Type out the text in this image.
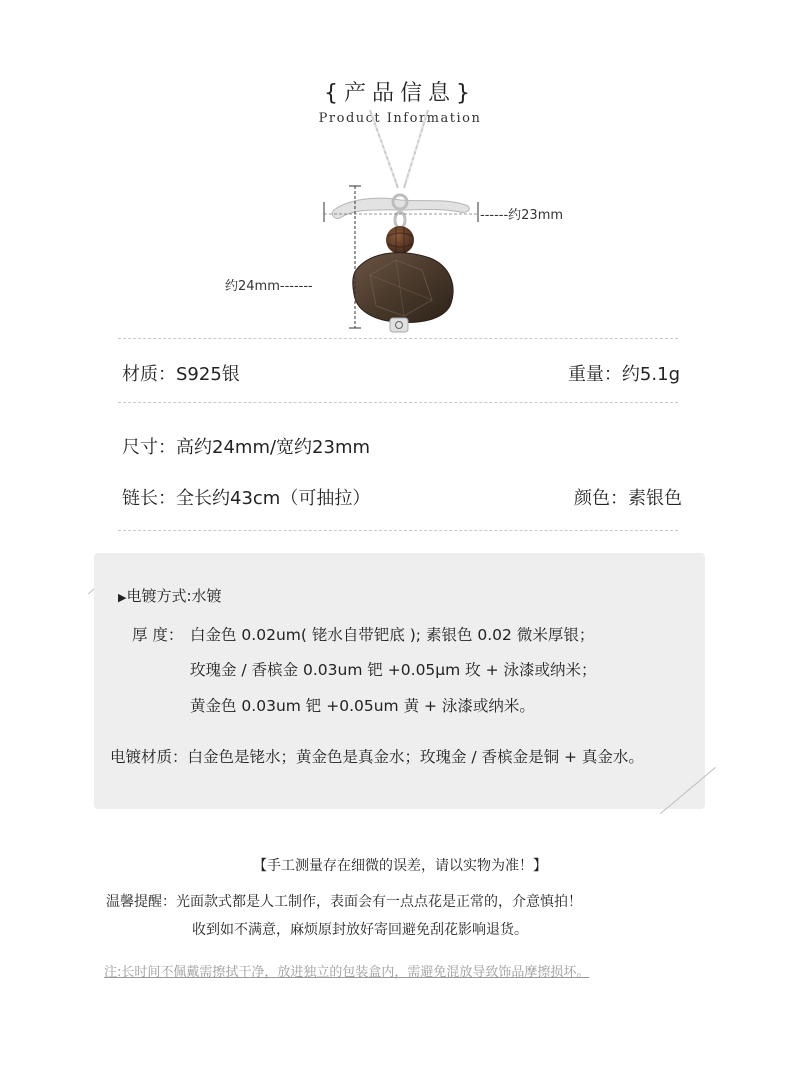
{产品信息}
Product Information
------约23mm
约24mm-------
材质：S925银	重量：约5.1g
尺寸：高约24mm/宽约23mm
链长：全长约43cm（可抽拉）	颜色：素银色
▶电镀方式:水镀
厚 度： 白金色 0.02um( 铑水自带钯底 ); 素银色 0.02 微米厚银；
玫瑰金 / 香槟金 0.03um 钯 +0.05μm 玫 + 泳漆或纳米；
黄金色 0.03um 钯 +0.05um 黄 + 泳漆或纳米。
电镀材质：白金色是铑水；黄金色是真金水；玫瑰金 / 香槟金是铜 + 真金水。
【手工测量存在细微的误差，请以实物为准！】
温馨提醒：光面款式都是人工制作，表面会有一点点花是正常的，介意慎拍！
收到如不满意，麻烦原封放好寄回避免刮花影响退货。
注:长时间不佩戴需擦拭干净，放进独立的包装盒内，需避免混放导致饰品摩擦损坏。
